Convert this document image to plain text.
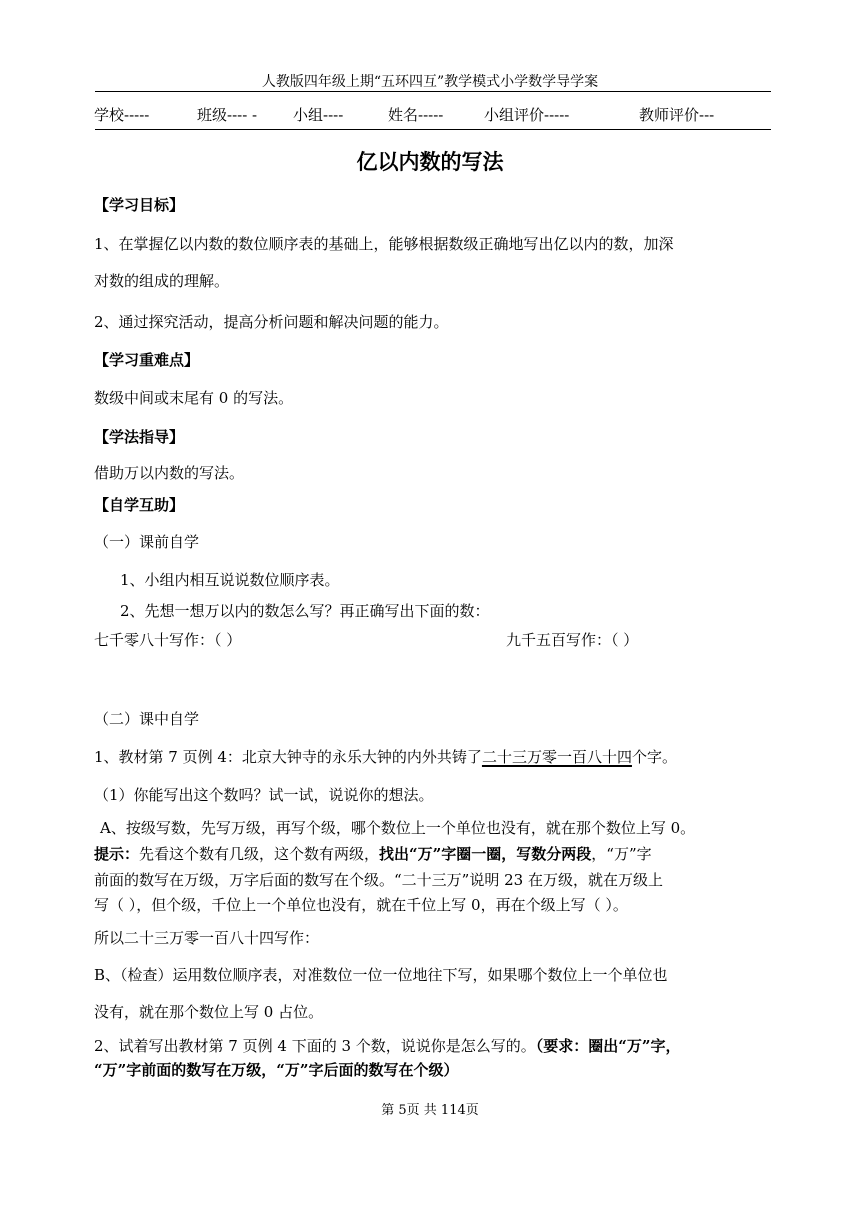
人教版四年级上期“五环四互”教学模式小学数学导学案
学校-----	班级---- - 小组----	姓名-----	小组评价-----	教师评价---
亿以内数的写法
【学习目标】
1、在掌握亿以内数的数位顺序表的基础上，能够根据数级正确地写出亿以内的数，加深
对数的组成的理解。
2、通过探究活动，提高分析问题和解决问题的能力。
【学习重难点】
数级中间或末尾有 0 的写法。
【学法指导】
借助万以内数的写法。
【自学互助】
（一）课前自学
1、小组内相互说说数位顺序表。
2、先想一想万以内的数怎么写？再正确写出下面的数：
七千零八十写作：（ ）	九千五百写作：（ ）
（二）课中自学
1、教材第 7 页例 4：北京大钟寺的永乐大钟的内外共铸了二十三万零一百八十四个字。
（1）你能写出这个数吗？试一试，说说你的想法。
A、按级写数，先写万级，再写个级，哪个数位上一个单位也没有，就在那个数位上写 0。
提示：先看这个数有几级，这个数有两级，找出“万”字圈一圈，写数分两段，“万”字
前面的数写在万级，万字后面的数写在个级。“二十三万”说明 23 在万级，就在万级上
写（ ），但个级，千位上一个单位也没有，就在千位上写 0，再在个级上写（ ）。
所以二十三万零一百八十四写作：
B、（检查）运用数位顺序表，对准数位一位一位地往下写，如果哪个数位上一个单位也
没有，就在那个数位上写 0 占位。
2、试着写出教材第 7 页例 4 下面的 3 个数，说说你是怎么写的。（要求：圈出“万”字，
“万”字前面的数写在万级，“万”字后面的数写在个级）
第 5页 共 114页
